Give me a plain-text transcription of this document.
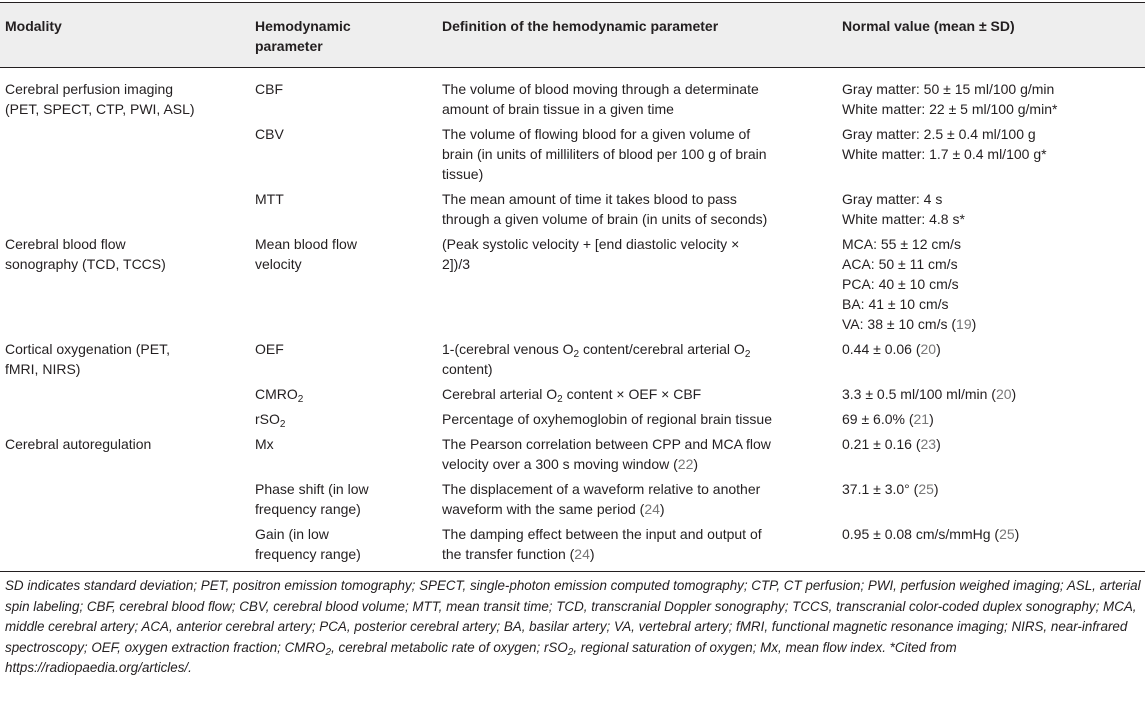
Modality	Hemodynamic
parameter	Definition of the hemodynamic parameter	Normal value (mean ± SD)

Cerebral perfusion imaging
(PET, SPECT, CTP, PWI, ASL)	CBF	The volume of blood moving through a determinate
amount of brain tissue in a given time	Gray matter: 50 ± 15 ml/100 g/min
White matter: 22 ± 5 ml/100 g/min*

	CBV	The volume of flowing blood for a given volume of
brain (in units of milliliters of blood per 100 g of brain
tissue)	Gray matter: 2.5 ± 0.4 ml/100 g
White matter: 1.7 ± 0.4 ml/100 g*

	MTT	The mean amount of time it takes blood to pass
through a given volume of brain (in units of seconds)	Gray matter: 4 s
White matter: 4.8 s*

Cerebral blood flow
sonography (TCD, TCCS)	Mean blood flow
velocity	(Peak systolic velocity + [end diastolic velocity ×
2])/3	MCA: 55 ± 12 cm/s
ACA: 50 ± 11 cm/s
PCA: 40 ± 10 cm/s
BA: 41 ± 10 cm/s
VA: 38 ± 10 cm/s (19)

Cortical oxygenation (PET,
fMRI, NIRS)	OEF	1-(cerebral venous $O_2$ content/cerebral arterial $O_2$
content)	0.44 ± 0.06 (20)

	$CMRO_2$	Cerebral arterial $O_2$ content × OEF × CBF	3.3 ± 0.5 ml/100 ml/min (20)

	rSO$_2$	Percentage of oxyhemoglobin of regional brain tissue	69 ± 6.0% (21)

Cerebral autoregulation	Mx	The Pearson correlation between CPP and MCA flow
velocity over a 300 s moving window (22)	0.21 ± 0.16 (23)

	Phase shift (in low
frequency range)	The displacement of a waveform relative to another
waveform with the same period (24)	37.1 ± 3.0° (25)

	Gain (in low
frequency range)	The damping effect between the input and output of
the transfer function (24)	0.95 ± 0.08 cm/s/mmHg (25)
SD indicates standard deviation; PET, positron emission tomography; SPECT, single-photon emission computed tomography; CTP, CT perfusion; PWI, perfusion weighed imaging; ASL, arterial spin labeling; CBF, cerebral blood flow; CBV, cerebral blood volume; MTT, mean transit time; TCD, transcranial Doppler sonography; TCCS, transcranial color-coded duplex sonography; MCA, middle cerebral artery; ACA, anterior cerebral artery; PCA, posterior cerebral artery; BA, basilar artery; VA, vertebral artery; fMRI, functional magnetic resonance imaging; NIRS, near-infrared spectroscopy; OEF, oxygen extraction fraction; $CMRO_2$, cerebral metabolic rate of oxygen; rSO$_2$, regional saturation of oxygen; Mx, mean flow index. *Cited from https://radiopaedia.org/articles/.
